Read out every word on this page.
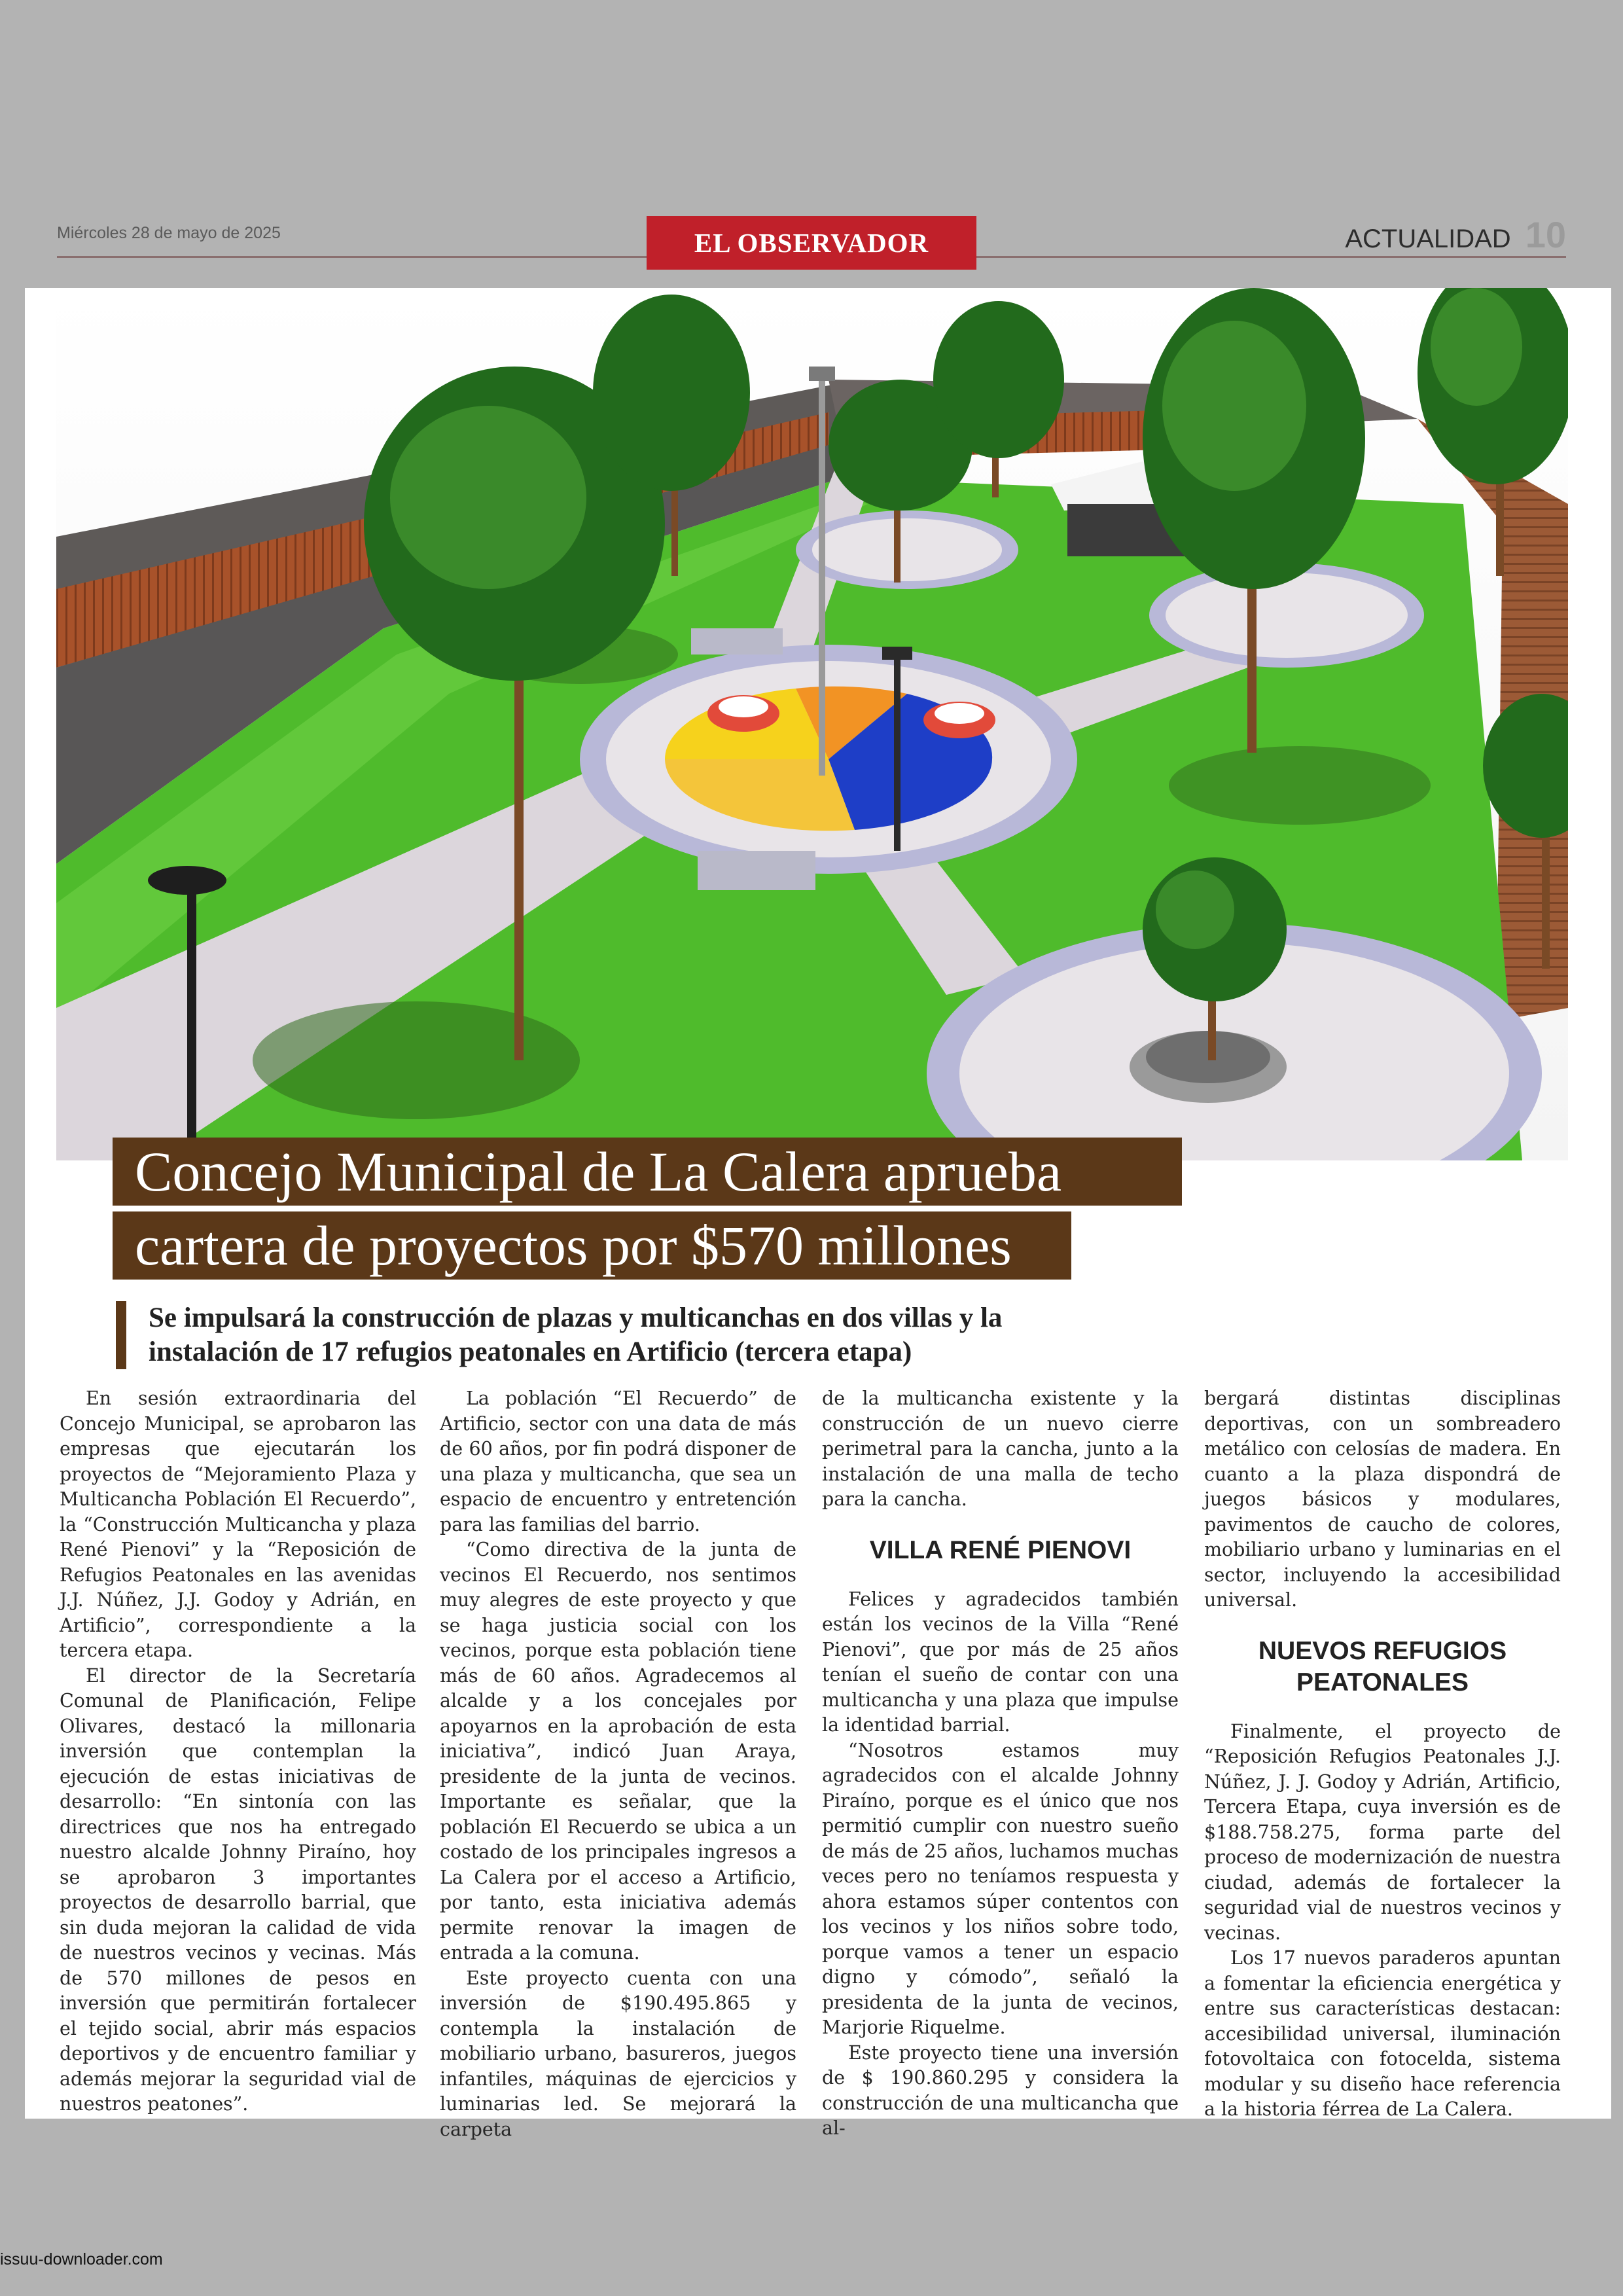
Miércoles 28 de mayo de 2025	EL OBSERVADOR	ACTUALIDAD 10
Concejo Municipal de La Calera aprueba
cartera de proyectos por $570 millones
Se impulsará la construcción de plazas y multicanchas en dos villas y la instalación de 17 refugios peatonales en Artificio (tercera etapa)

En sesión extraordinaria del Concejo Municipal, se aprobaron las empresas que ejecutarán los proyectos de “Mejoramiento Plaza y Multicancha Población El Recuerdo”, la “Construcción Multicancha y plaza René Pienovi” y la “Reposición de Refugios Peatonales en las avenidas J.J. Núñez, J.J. Godoy y Adrián, en Artificio”, correspondiente a la tercera etapa.

El director de la Secretaría Comunal de Planificación, Felipe Olivares, destacó la millonaria inversión que contemplan la ejecución de estas iniciativas de desarrollo: “En sintonía con las directrices que nos ha entregado nuestro alcalde Johnny Piraíno, hoy se aprobaron 3 importantes proyectos de desarrollo barrial, que sin duda mejoran la calidad de vida de nuestros vecinos y vecinas. Más de 570 millones de pesos en inversión que permitirán fortalecer el tejido social, abrir más espacios deportivos y de encuentro familiar y además mejorar la seguridad vial de nuestros peatones”.

La población “El Recuerdo” de Artificio, sector con una data de más de 60 años, por fin podrá disponer de una plaza y multicancha, que sea un espacio de encuentro y entretención para las familias del barrio.

“Como directiva de la junta de vecinos El Recuerdo, nos sentimos muy alegres de este proyecto y que se haga justicia social con los vecinos, porque esta población tiene más de 60 años. Agradecemos al alcalde y a los concejales por apoyarnos en la aprobación de esta iniciativa”, indicó Juan Araya, presidente de la junta de vecinos. Importante es señalar, que la población El Recuerdo se ubica a un costado de los principales ingresos a La Calera por el acceso a Artificio, por tanto, esta iniciativa además permite renovar la imagen de entrada a la comuna.

Este proyecto cuenta con una inversión de $190.495.865 y contempla la instalación de mobiliario urbano, basureros, juegos infantiles, máquinas de ejercicios y luminarias led. Se mejorará la carpeta

de la multicancha existente y la construcción de un nuevo cierre perimetral para la cancha, junto a la instalación de una malla de techo para la cancha.

VILLA RENÉ PIENOVI

Felices y agradecidos también están los vecinos de la Villa “René Pienovi”, que por más de 25 años tenían el sueño de contar con una multicancha y una plaza que impulse la identidad barrial.

“Nosotros estamos muy agradecidos con el alcalde Johnny Piraíno, porque es el único que nos permitió cumplir con nuestro sueño de más de 25 años, luchamos muchas veces pero no teníamos respuesta y ahora estamos súper contentos con los vecinos y los niños sobre todo, porque vamos a tener un espacio digno y cómodo”, señaló la presidenta de la junta de vecinos, Marjorie Riquelme.

Este proyecto tiene una inversión de $ 190.860.295 y considera la construcción de una multicancha que al-

bergará distintas disciplinas deportivas, con un sombreadero metálico con celosías de madera. En cuanto a la plaza dispondrá de juegos básicos y modulares, pavimentos de caucho de colores, mobiliario urbano y luminarias en el sector, incluyendo la accesibilidad universal.

NUEVOS REFUGIOS PEATONALES

Finalmente, el proyecto de “Reposición Refugios Peatonales J.J. Núñez, J. J. Godoy y Adrián, Artificio, Tercera Etapa, cuya inversión es de $188.758.275, forma parte del proceso de modernización de nuestra ciudad, además de fortalecer la seguridad vial de nuestros vecinos y vecinas.

Los 17 nuevos paraderos apuntan a fomentar la eficiencia energética y entre sus características destacan: accesibilidad universal, iluminación fotovoltaica con fotocelda, sistema modular y su diseño hace referencia a la historia férrea de La Calera.

issuu-downloader.com
